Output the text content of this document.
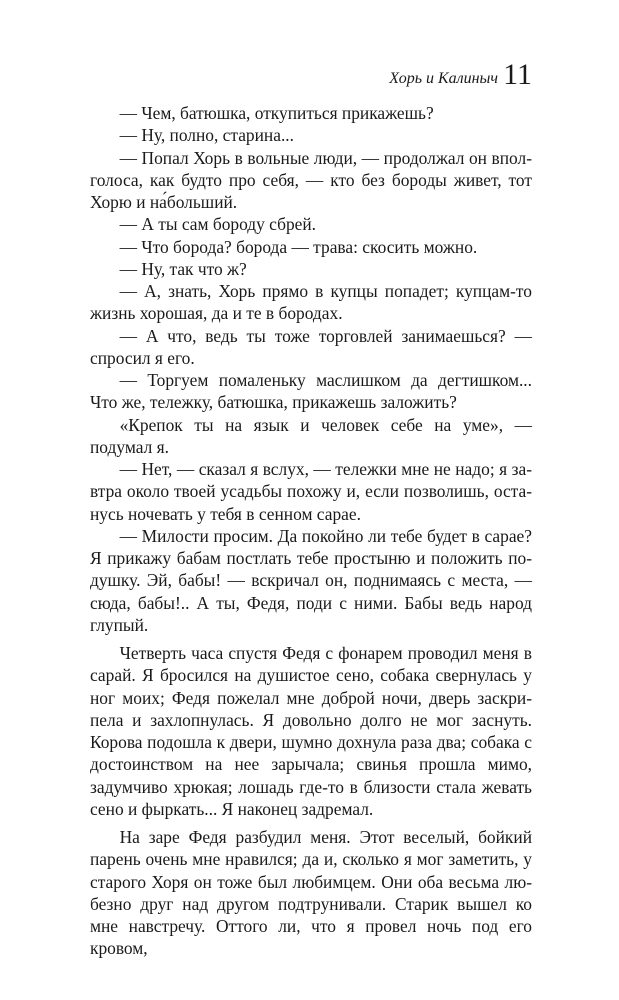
Хорь и Калиныч 11

— Чем, батюшка, откупиться прикажешь?

— Ну, полно, старина...

— Попал Хорь в вольные люди, — продолжал он вполголоса, как будто про себя, — кто без бороды живет, тот Хорю и на́больший.

— А ты сам бороду сбрей.

— Что борода? борода — трава: скосить можно.

— Ну, так что ж?

— А, знать, Хорь прямо в купцы попадет; купцам-то жизнь хорошая, да и те в бородах.

— А что, ведь ты тоже торговлей занимаешься? — спросил я его.

— Торгуем помаленьку маслишком да дегтишком... Что же, тележку, батюшка, прикажешь заложить?

«Крепок ты на язык и человек себе на уме», — подумал я.

— Нет, — сказал я вслух, — тележки мне не надо; я завтра около твоей усадьбы похожу и, если позволишь, останусь ночевать у тебя в сенном сарае.

— Милости просим. Да покойно ли тебе будет в сарае? Я прикажу бабам постлать тебе простыню и положить подушку. Эй, бабы! — вскричал он, поднимаясь с места, — сюда, бабы!.. А ты, Федя, поди с ними. Бабы ведь народ глупый.

Четверть часа спустя Федя с фонарем проводил меня в сарай. Я бросился на душистое сено, собака свернулась у ног моих; Федя пожелал мне доброй ночи, дверь заскрипела и захлопнулась. Я довольно долго не мог заснуть. Корова подошла к двери, шумно дохнула раза два; собака с достоинством на нее зарычала; свинья прошла мимо, задумчиво хрюкая; лошадь где-то в близости стала жевать сено и фыркать... Я наконец задремал.

На заре Федя разбудил меня. Этот веселый, бойкий парень очень мне нравился; да и, сколько я мог заметить, у старого Хоря он тоже был любимцем. Они оба весьма любезно друг над другом подтрунивали. Старик вышел ко мне навстречу. Оттого ли, что я провел ночь под его кровом,
